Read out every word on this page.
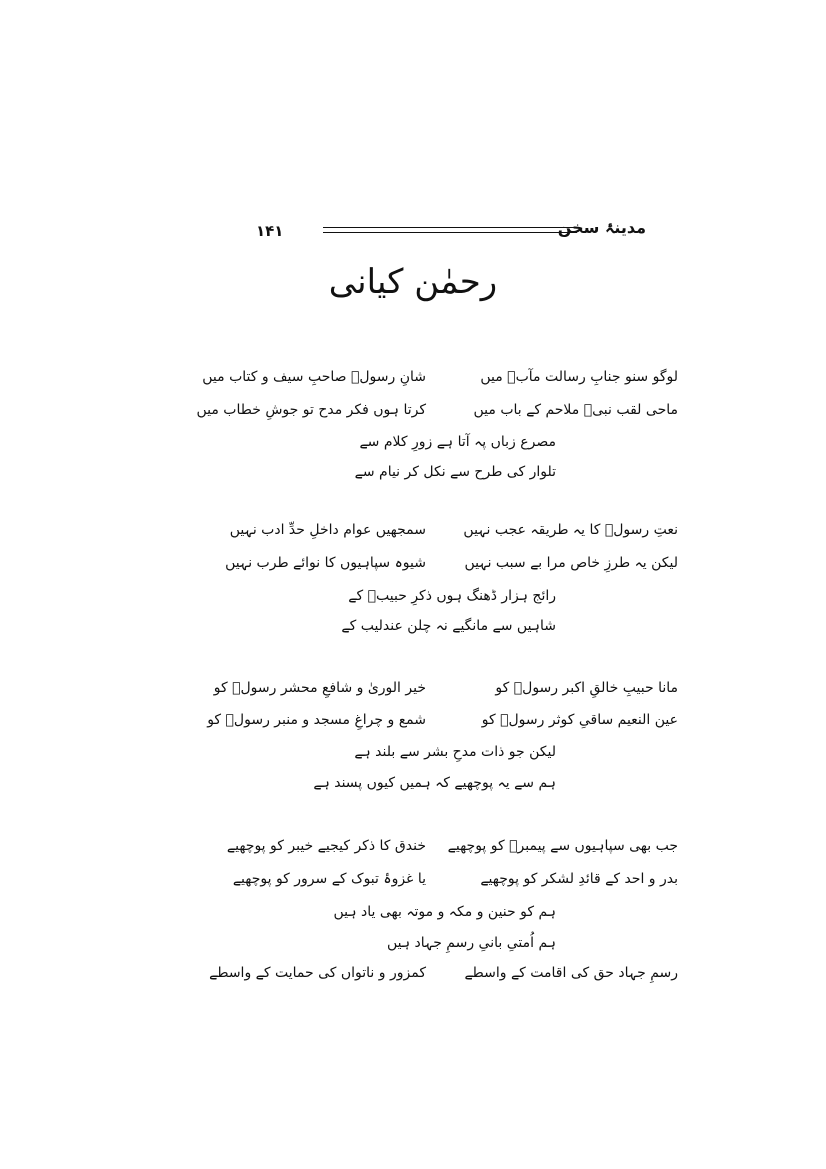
۱۴۱	مدینۂ سخن
رحمٰن کیانی
لوگو سنو جنابِ رسالت مآبؐ میں
شانِ رسولؐ صاحبِ سیف و کتاب میں
ماحی لقب نبیؐ ملاحم کے باب میں
کرتا ہوں فکر مدح تو جوشِ خطاب میں
مصرع زباں پہ آتا ہے زورِ کلام سے
تلوار کی طرح سے نکل کر نیام سے
نعتِ رسولؐ کا یہ طریقہ عجب نہیں
سمجھیں عوام داخلِ حدِّ ادب نہیں
لیکن یہ طرزِ خاص مرا بے سبب نہیں
شیوہ سپاہیوں کا نوائے طرب نہیں
رائج ہزار ڈھنگ ہوں ذکرِ حبیبؐ کے
شاہیں سے مانگیے نہ چلن عندلیب کے
مانا حبیبِ خالقِ اکبر رسولؐ کو
خیر الوریٰ و شافعِ محشر رسولؐ کو
عین النعیم ساقیِ کوثر رسولؐ کو
شمع و چراغِ مسجد و منبر رسولؐ کو
لیکن جو ذات مدحِ بشر سے بلند ہے
ہم سے یہ پوچھیے کہ ہمیں کیوں پسند ہے
جب بھی سپاہیوں سے پیمبرؐ کو پوچھیے
خندق کا ذکر کیجیے خیبر کو پوچھیے
بدر و احد کے قائدِ لشکر کو پوچھیے
یا غزوۂ تبوک کے سرور کو پوچھیے
ہم کو حنین و مکہ و موتہ بھی یاد ہیں
ہم اُمتیِ بانیِ رسمِ جہاد ہیں
رسمِ جہاد حق کی اقامت کے واسطے
کمزور و ناتواں کی حمایت کے واسطے
